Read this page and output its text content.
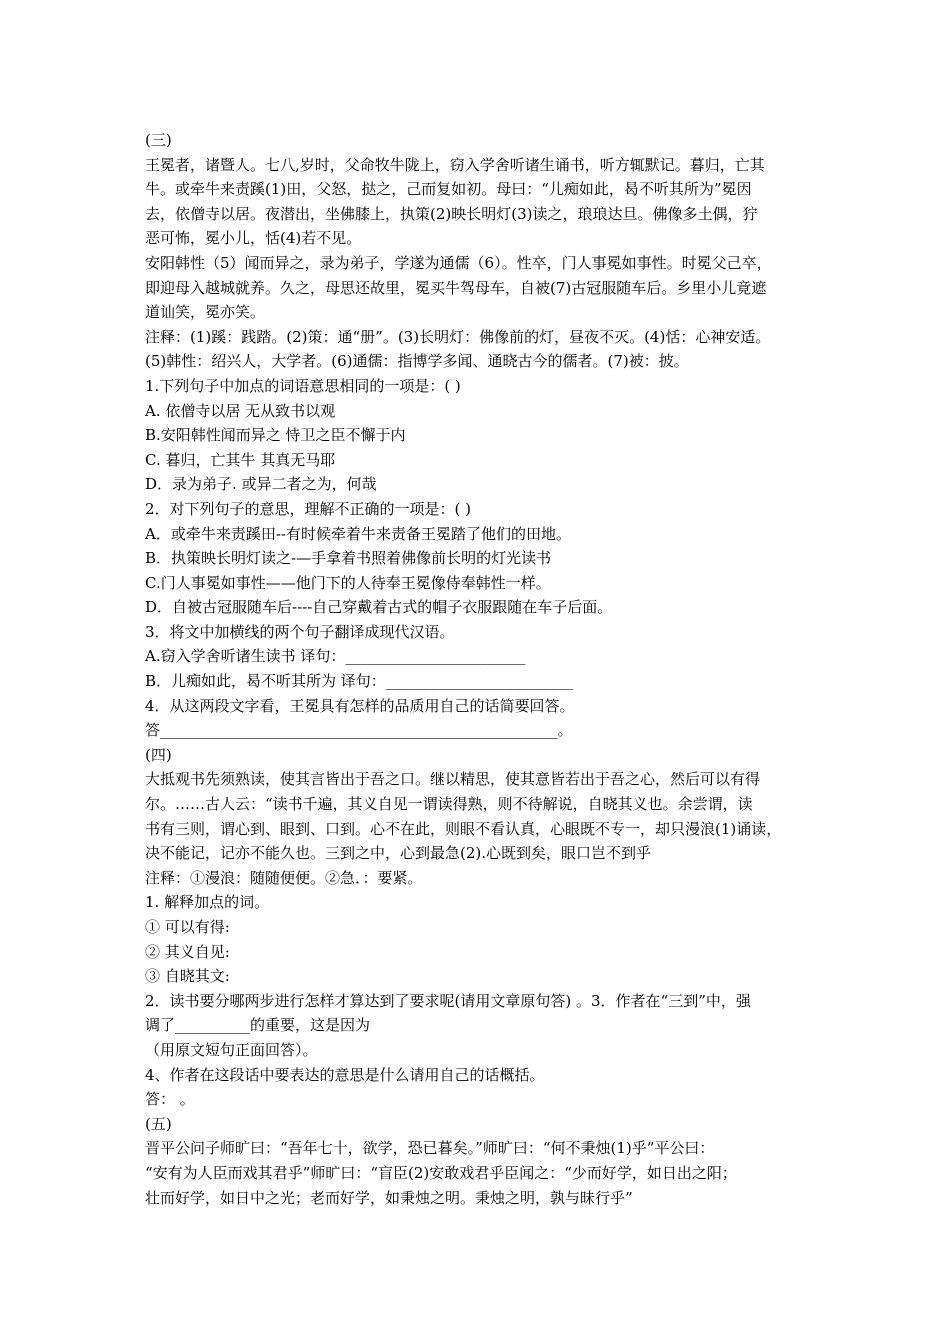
(三)
王冕者，诸暨人。七八,岁时，父命牧牛陇上，窃入学舍听诸生诵书，听方辄默记。暮归，亡其
牛。或牵牛来责蹊(1)田，父怒，挞之，己而复如初。母曰：“儿痴如此，曷不听其所为”冕因
去，依僧寺以居。夜潜出，坐佛膝上，执策(2)映长明灯(3)读之，琅琅达旦。佛像多土偶，狞
恶可怖，冕小儿，恬(4)若不见。
安阳韩性（5）闻而异之，录为弟子，学遂为通儒（6）。性卒，门人事冕如事性。时冕父己卒，
即迎母入越城就养。久之，母思还故里，冕买牛驾母车，自被(7)古冠服随车后。乡里小儿竟遮
道讪笑，冕亦笑。
注释：(1)蹊：践踏。(2)策：通“册”。(3)长明灯：佛像前的灯，昼夜不灭。(4)恬：心神安适。
(5)韩性：绍兴人，大学者。(6)通儒：指博学多闻、通晓古今的儒者。(7)被：披。
1.下列句子中加点的词语意思相同的一项是：( )
A. 依僧寺以居 无从致书以观
B.安阳韩性闻而异之 恃卫之臣不懈于内
C. 暮归，亡其牛 其真无马耶
D．录为弟子. 或异二者之为，何哉
2．对下列句子的意思，理解不正确的一项是：( )
A．或牵牛来责蹊田--有时候牵着牛来责备王冕踏了他们的田地。
B．执策映长明灯读之-—手拿着书照着佛像前长明的灯光读书
C.门人事冕如事性——他门下的人待奉王冕像侍奉韩性一样。
D．自被古冠服随车后----自己穿戴着古式的帽子衣服跟随在车子后面。
3．将文中加横线的两个句子翻译成现代汉语。
A.窃入学舍听诸生读书 译句：________________________
B．儿痴如此，曷不听其所为 译句：_________________________
4．从这两段文字看，王冕具有怎样的品质用自己的话简要回答。
答_____________________________________________________。
(四)
大抵观书先须熟读，使其言皆出于吾之口。继以精思，使其意皆若出于吾之心，然后可以有得
尔。……古人云：“读书千遍，其义自见一谓读得熟，则不待解说，自晓其义也。余尝谓，读
书有三则，谓心到、眼到、口到。心不在此，则眼不看认真，心眼既不专一，却只漫浪(1)诵读，
决不能记，记亦不能久也。三到之中，心到最急(2).心既到矣，眼口岂不到乎
注释：①漫浪：随随便便。②急．：要紧。
1. 解释加点的词。
① 可以有得:
② 其义自见:
③ 自晓其文:
2．读书要分哪两步进行怎样才算达到了要求呢(请用文章原句答) 。3．作者在“三到”中，强
调了__________的重要，这是因为
（用原文短句正面回答）。
4、作者在这段话中要表达的意思是什么请用自己的话概括。
答： 。
(五)
晋平公问子师旷曰：“吾年七十，欲学，恐已暮矣。”师旷曰：“何不秉烛(1)乎”平公曰：
“安有为人臣而戏其君乎”师旷曰：“盲臣(2)安敢戏君乎臣闻之：“少而好学，如日出之阳；
壮而好学，如日中之光；老而好学，如秉烛之明。秉烛之明，孰与昧行乎”
